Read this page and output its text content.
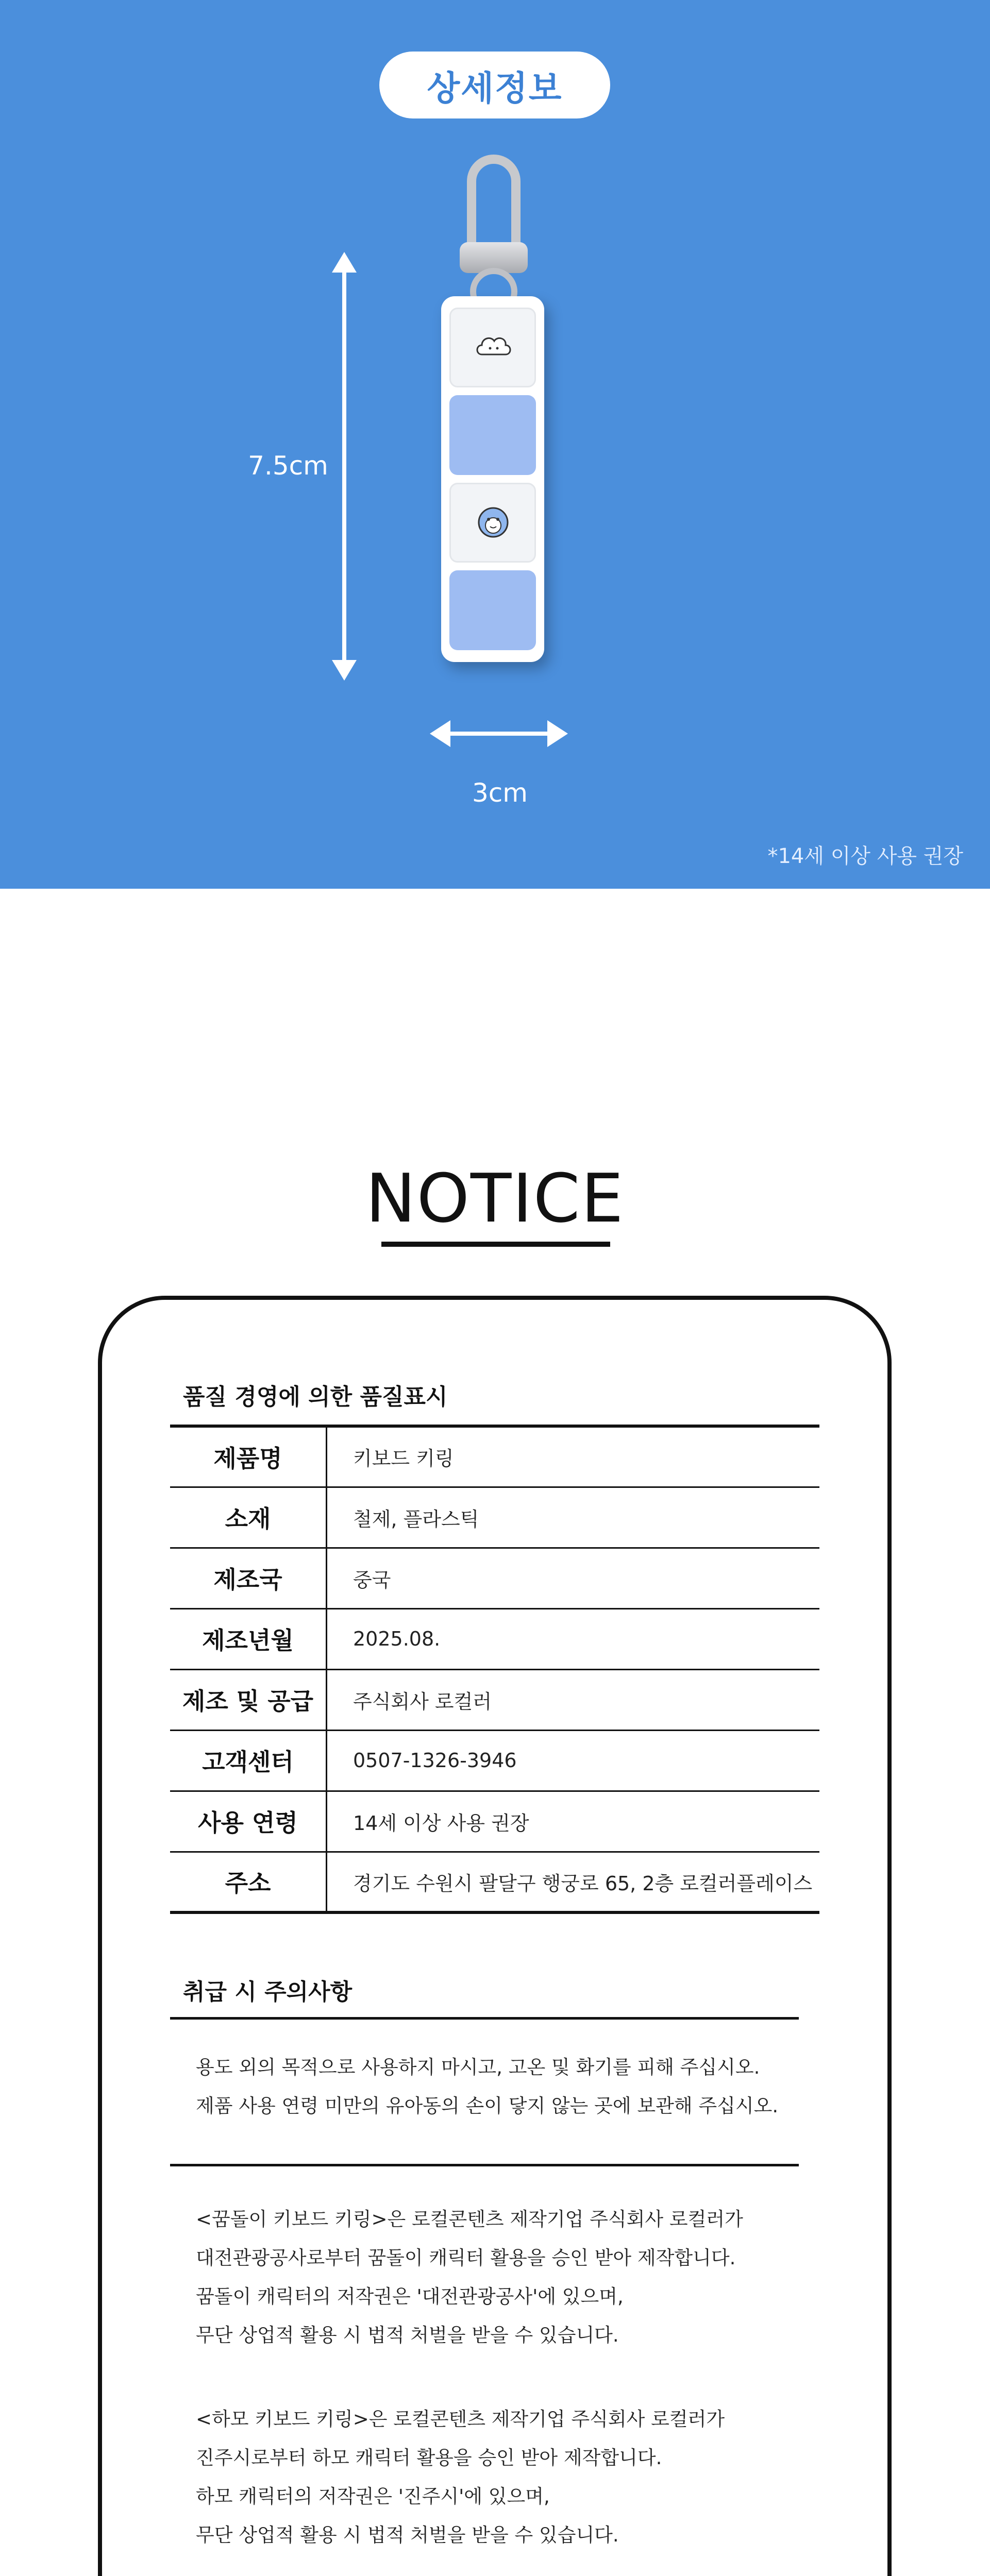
상세정보
7.5cm
3cm
*14세 이상 사용 권장
NOTICE
품질 경영에 의한 품질표시
제품명	키보드 키링
소재	철제, 플라스틱
제조국	중국
제조년월	2025.08.
제조 및 공급	주식회사 로컬러
고객센터	0507-1326-3946
사용 연령	14세 이상 사용 권장
주소	경기도 수원시 팔달구 행궁로 65, 2층 로컬러플레이스
취급 시 주의사항
용도 외의 목적으로 사용하지 마시고, 고온 및 화기를 피해 주십시오.
제품 사용 연령 미만의 유아동의 손이 닿지 않는 곳에 보관해 주십시오.
<꿈돌이 키보드 키링>은 로컬콘텐츠 제작기업 주식회사 로컬러가
대전관광공사로부터 꿈돌이 캐릭터 활용을 승인 받아 제작합니다.
꿈돌이 캐릭터의 저작권은 '대전관광공사'에 있으며,
무단 상업적 활용 시 법적 처벌을 받을 수 있습니다.
<하모 키보드 키링>은 로컬콘텐츠 제작기업 주식회사 로컬러가
진주시로부터 하모 캐릭터 활용을 승인 받아 제작합니다.
하모 캐릭터의 저작권은 '진주시'에 있으며,
무단 상업적 활용 시 법적 처벌을 받을 수 있습니다.
